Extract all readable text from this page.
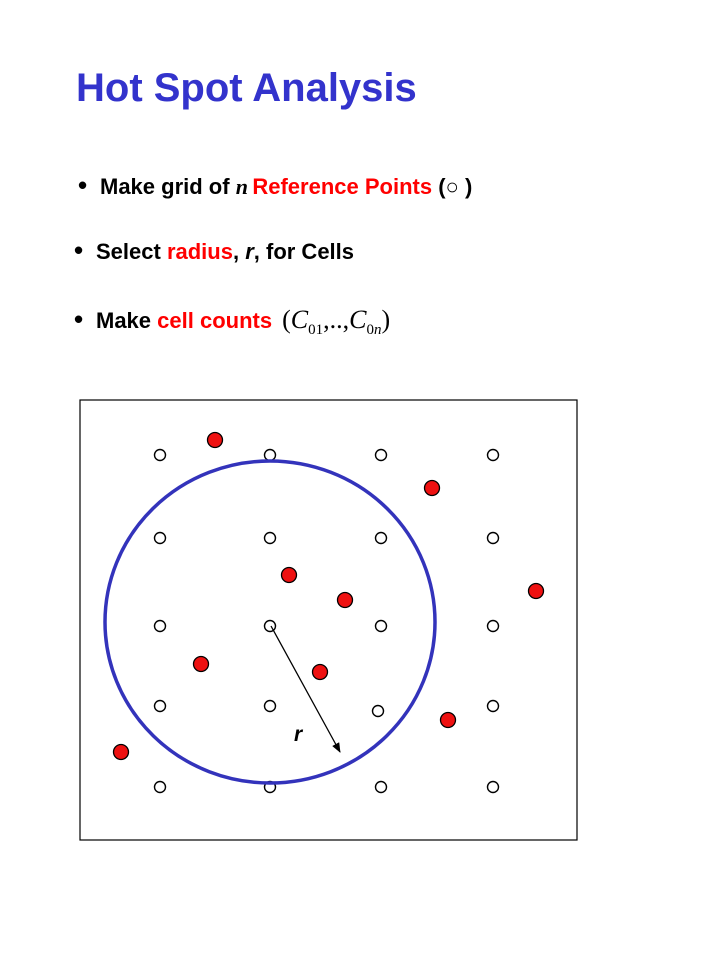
Hot Spot Analysis
• Make grid of n  Reference Points (○ )
• Select radius, r, for Cells
• Make cell counts $(C_{01},..,C_{0n})$
r
